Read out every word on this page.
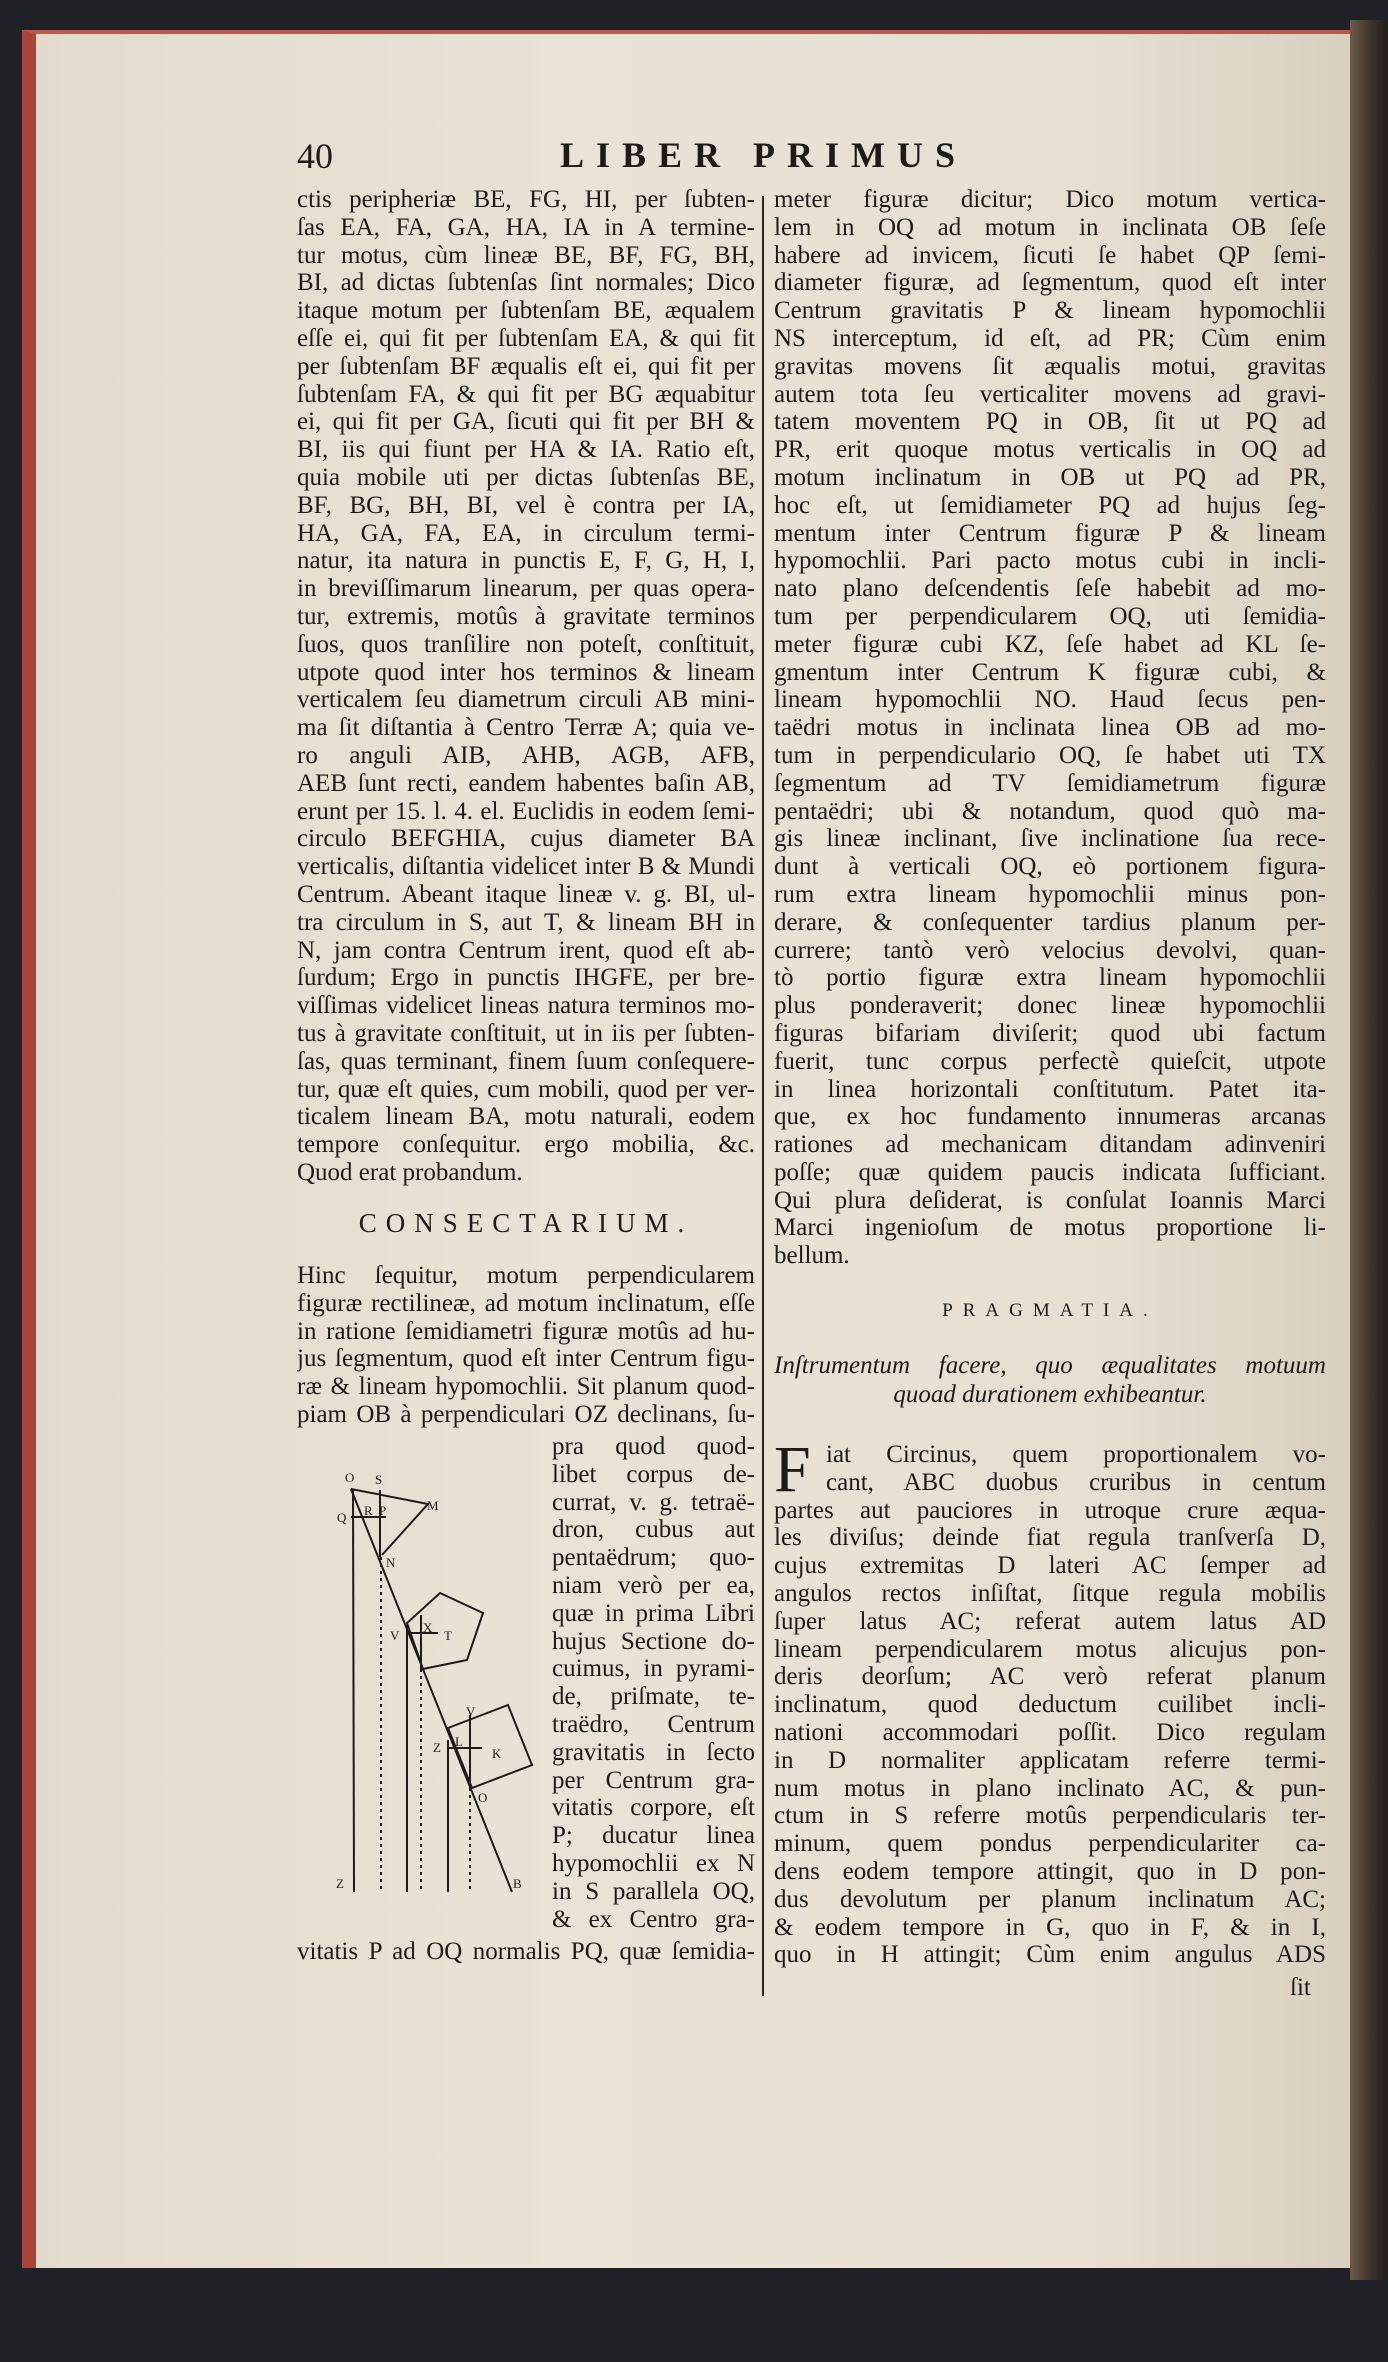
40	LIBER PRIMUS
ctis peripheriæ BE, FG, HI, per ſubten-
ſas EA, FA, GA, HA, IA in A termine-
tur motus, cùm lineæ BE, BF, FG, BH,
BI, ad dictas ſubtenſas ſint normales; Dico
itaque motum per ſubtenſam BE, æqualem
eſſe ei, qui fit per ſubtenſam EA, & qui fit
per ſubtenſam BF æqualis eſt ei, qui fit per
ſubtenſam FA, & qui fit per BG æquabitur
ei, qui fit per GA, ſicuti qui fit per BH &
BI, iis qui fiunt per HA & IA. Ratio eſt,
quia mobile uti per dictas ſubtenſas BE,
BF, BG, BH, BI, vel è contra per IA,
HA, GA, FA, EA, in circulum termi-
natur, ita natura in punctis E, F, G, H, I,
in breviſſimarum linearum, per quas opera-
tur, extremis, motûs à gravitate terminos
ſuos, quos tranſilire non poteſt, conſtituit,
utpote quod inter hos terminos & lineam
verticalem ſeu diametrum circuli AB mini-
ma ſit diſtantia à Centro Terræ A; quia ve-
ro anguli AIB, AHB, AGB, AFB,
AEB ſunt recti, eandem habentes baſin AB,
erunt per 15. l. 4. el. Euclidis in eodem ſemi-
circulo BEFGHIA, cujus diameter BA
verticalis, diſtantia videlicet inter B & Mundi
Centrum. Abeant itaque lineæ v. g. BI, ul-
tra circulum in S, aut T, & lineam BH in
N, jam contra Centrum irent, quod eſt ab-
ſurdum; Ergo in punctis IHGFE, per bre-
viſſimas videlicet lineas natura terminos mo-
tus à gravitate conſtituit, ut in iis per ſubten-
ſas, quas terminant, finem ſuum conſequere-
tur, quæ eſt quies, cum mobili, quod per ver-
ticalem lineam BA, motu naturali, eodem
tempore conſequitur. ergo mobilia, &c.
Quod erat probandum.
CONSECTARIUM.
Hinc ſequitur, motum perpendicularem
figuræ rectilineæ, ad motum inclinatum, eſſe
in ratione ſemidiametri figuræ motûs ad hu-
jus ſegmentum, quod eſt inter Centrum figu-
ræ & lineam hypomochlii. Sit planum quod-
piam OB à perpendiculari OZ declinans, ſu-
pra quod quod-
libet corpus de-
currat, v. g. tetraë-
dron, cubus aut
pentaëdrum; quo-
niam verò per ea,
quæ in prima Libri
hujus Sectione do-
cuimus, in pyrami-
de, priſmate, te-
traëdro, Centrum
gravitatis in ſecto
per Centrum gra-
vitatis corpore, eſt
P; ducatur linea
hypomochlii ex N
in S parallela OQ,
& ex Centro gra-
vitatis P ad OQ normalis PQ, quæ ſemidia-
O S
M
Q R P
N
V
X
T
Z L
K
V
O
Z	B
meter figuræ dicitur; Dico motum vertica-
lem in OQ ad motum in inclinata OB ſeſe
habere ad invicem, ſicuti ſe habet QP ſemi-
diameter figuræ, ad ſegmentum, quod eſt inter
Centrum gravitatis P & lineam hypomochlii
NS interceptum, id eſt, ad PR; Cùm enim
gravitas movens ſit æqualis motui, gravitas
autem tota ſeu verticaliter movens ad gravi-
tatem moventem PQ in OB, ſit ut PQ ad
PR, erit quoque motus verticalis in OQ ad
motum inclinatum in OB ut PQ ad PR,
hoc eſt, ut ſemidiameter PQ ad hujus ſeg-
mentum inter Centrum figuræ P & lineam
hypomochlii. Pari pacto motus cubi in incli-
nato plano deſcendentis ſeſe habebit ad mo-
tum per perpendicularem OQ, uti ſemidia-
meter figuræ cubi KZ, ſeſe habet ad KL ſe-
gmentum inter Centrum K figuræ cubi, &
lineam hypomochlii NO. Haud ſecus pen-
taëdri motus in inclinata linea OB ad mo-
tum in perpendiculario OQ, ſe habet uti TX
ſegmentum ad TV ſemidiametrum figuræ
pentaëdri; ubi & notandum, quod quò ma-
gis lineæ inclinant, ſive inclinatione ſua rece-
dunt à verticali OQ, eò portionem figura-
rum extra lineam hypomochlii minus pon-
derare, & conſequenter tardius planum per-
currere; tantò verò velocius devolvi, quan-
tò portio figuræ extra lineam hypomochlii
plus ponderaverit; donec lineæ hypomochlii
figuras bifariam diviſerit; quod ubi factum
fuerit, tunc corpus perfectè quieſcit, utpote
in linea horizontali conſtitutum. Patet ita-
que, ex hoc fundamento innumeras arcanas
rationes ad mechanicam ditandam adinveniri
poſſe; quæ quidem paucis indicata ſufficiant.
Qui plura deſiderat, is conſulat Ioannis Marci
Marci ingenioſum de motus proportione li-
bellum.
PRAGMATIA.
Inſtrumentum facere, quo æqualitates motuum
quoad durationem exhibeantur.
F iat Circinus, quem proportionalem vo-
cant, ABC duobus cruribus in centum
partes aut pauciores in utroque crure æqua-
les diviſus; deinde fiat regula tranſverſa D,
cujus extremitas D lateri AC ſemper ad
angulos rectos inſiſtat, ſitque regula mobilis
ſuper latus AC; referat autem latus AD
lineam perpendicularem motus alicujus pon-
deris deorſum; AC verò referat planum
inclinatum, quod deductum cuilibet incli-
nationi accommodari poſſit. Dico regulam
in D normaliter applicatam referre termi-
num motus in plano inclinato AC, & pun-
ctum in S referre motûs perpendicularis ter-
minum, quem pondus perpendiculariter ca-
dens eodem tempore attingit, quo in D pon-
dus devolutum per planum inclinatum AC;
& eodem tempore in G, quo in F, & in I,
quo in H attingit; Cùm enim angulus ADS
ſit
